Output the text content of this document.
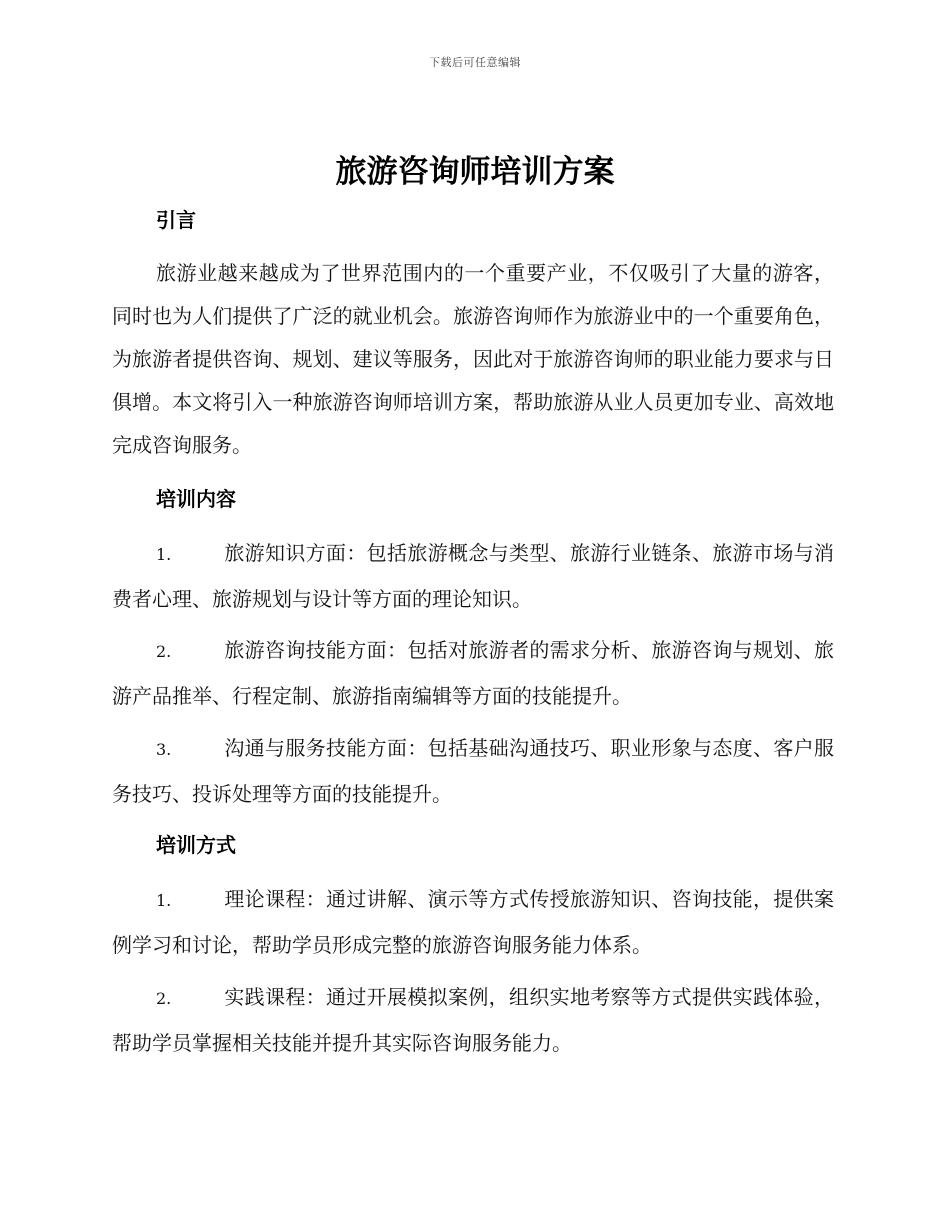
下载后可任意编辑
旅游咨询师培训方案
引言

旅游业越来越成为了世界范围内的一个重要产业，不仅吸引了大量的游客，同时也为人们提供了广泛的就业机会。旅游咨询师作为旅游业中的一个重要角色，为旅游者提供咨询、规划、建议等服务，因此对于旅游咨询师的职业能力要求与日俱增。本文将引入一种旅游咨询师培训方案，帮助旅游从业人员更加专业、高效地完成咨询服务。

培训内容

1.	旅游知识方面：包括旅游概念与类型、旅游行业链条、旅游市场与消费者心理、旅游规划与设计等方面的理论知识。

2.	旅游咨询技能方面：包括对旅游者的需求分析、旅游咨询与规划、旅游产品推举、行程定制、旅游指南编辑等方面的技能提升。

3.	沟通与服务技能方面：包括基础沟通技巧、职业形象与态度、客户服务技巧、投诉处理等方面的技能提升。

培训方式

1.	理论课程：通过讲解、演示等方式传授旅游知识、咨询技能，提供案例学习和讨论，帮助学员形成完整的旅游咨询服务能力体系。

2.	实践课程：通过开展模拟案例，组织实地考察等方式提供实践体验，帮助学员掌握相关技能并提升其实际咨询服务能力。
